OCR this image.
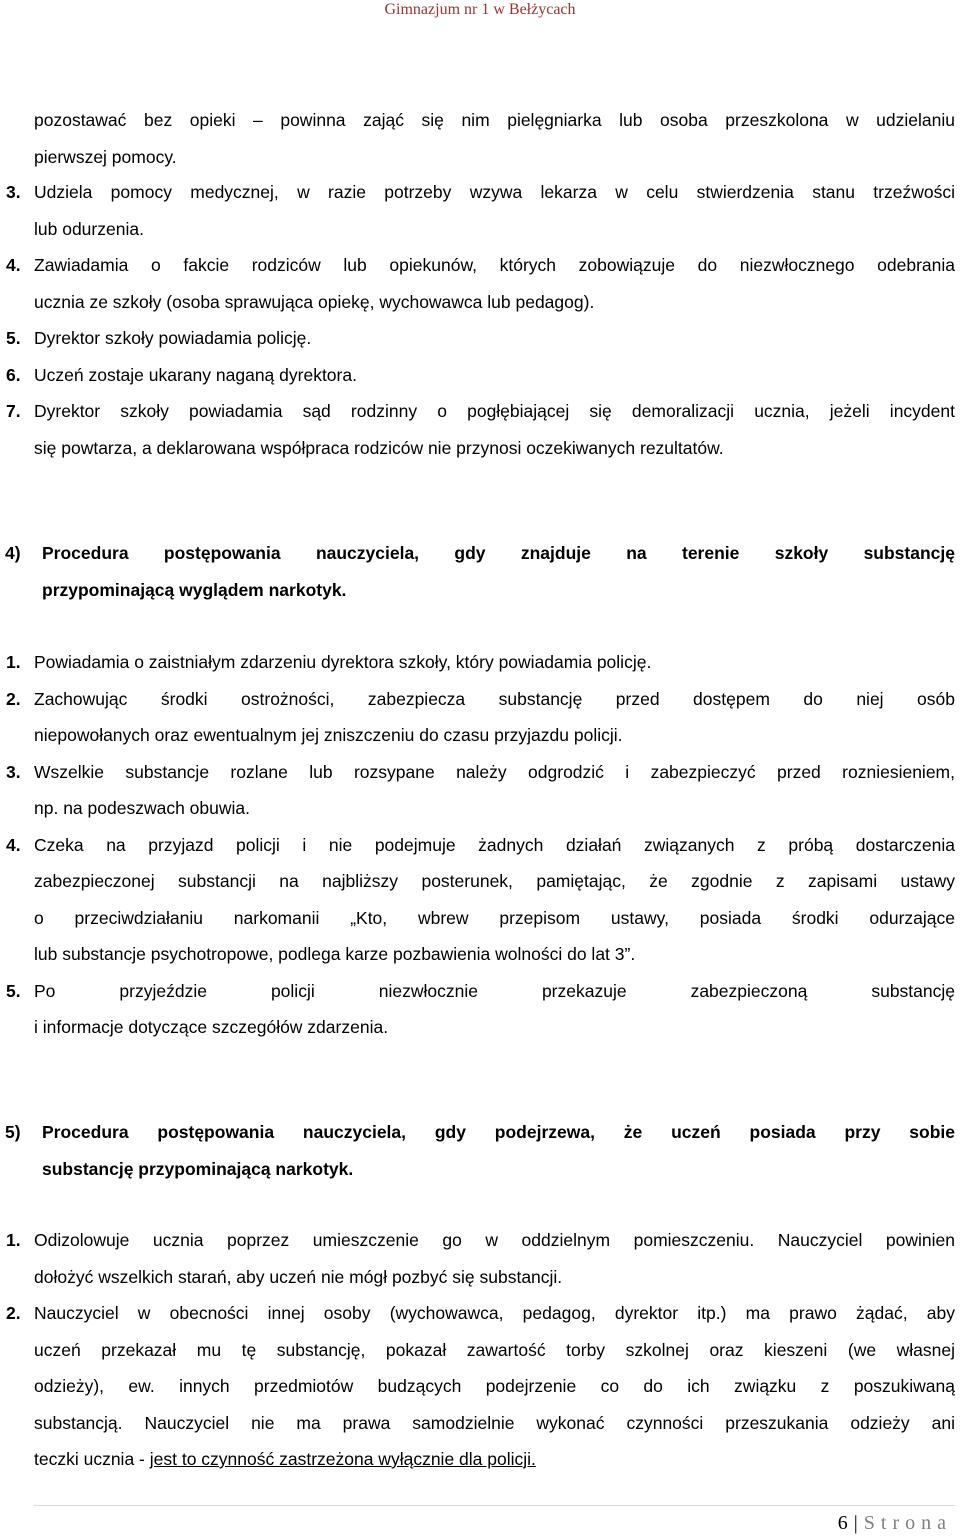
Gimnazjum nr 1 w Bełżycach
pozostawać bez opieki – powinna zająć się nim pielęgniarka lub osoba przeszkolona w udzielaniu
pierwszej pomocy.
3. Udziela pomocy medycznej, w razie potrzeby wzywa lekarza w celu stwierdzenia stanu trzeźwości
lub odurzenia.
4. Zawiadamia o fakcie rodziców lub opiekunów, których zobowiązuje do niezwłocznego odebrania
ucznia ze szkoły (osoba sprawująca opiekę, wychowawca lub pedagog).
5. Dyrektor szkoły powiadamia policję.
6. Uczeń zostaje ukarany naganą dyrektora.
7. Dyrektor szkoły powiadamia sąd rodzinny o pogłębiającej się demoralizacji ucznia, jeżeli incydent
się powtarza, a deklarowana współpraca rodziców nie przynosi oczekiwanych rezultatów.
4)	Procedura postępowania nauczyciela, gdy znajduje na terenie szkoły substancję
przypominającą wyglądem narkotyk.
1. Powiadamia o zaistniałym zdarzeniu dyrektora szkoły, który powiadamia policję.
2. Zachowując środki ostrożności, zabezpiecza substancję przed dostępem do niej osób
niepowołanych oraz ewentualnym jej zniszczeniu do czasu przyjazdu policji.
3. Wszelkie substancje rozlane lub rozsypane należy odgrodzić i zabezpieczyć przed rozniesieniem,
np. na podeszwach obuwia.
4. Czeka na przyjazd policji i nie podejmuje żadnych działań związanych z próbą dostarczenia
zabezpieczonej substancji na najbliższy posterunek, pamiętając, że zgodnie z zapisami ustawy
o przeciwdziałaniu narkomanii „Kto, wbrew przepisom ustawy, posiada środki odurzające
lub substancje psychotropowe, podlega karze pozbawienia wolności do lat 3”.
5. Po przyjeździe policji niezwłocznie przekazuje zabezpieczoną substancję
i informacje dotyczące szczegółów zdarzenia.
5)	Procedura postępowania nauczyciela, gdy podejrzewa, że uczeń posiada przy sobie
substancję przypominającą narkotyk.
1. Odizolowuje ucznia poprzez umieszczenie go w oddzielnym pomieszczeniu. Nauczyciel powinien
dołożyć wszelkich starań, aby uczeń nie mógł pozbyć się substancji.
2. Nauczyciel w obecności innej osoby (wychowawca, pedagog, dyrektor itp.) ma prawo żądać, aby
uczeń przekazał mu tę substancję, pokazał zawartość torby szkolnej oraz kieszeni (we własnej
odzieży), ew. innych przedmiotów budzących podejrzenie co do ich związku z poszukiwaną
substancją. Nauczyciel nie ma prawa samodzielnie wykonać czynności przeszukania odzieży ani
teczki ucznia - jest to czynność zastrzeżona wyłącznie dla policji.
6 | Strona
